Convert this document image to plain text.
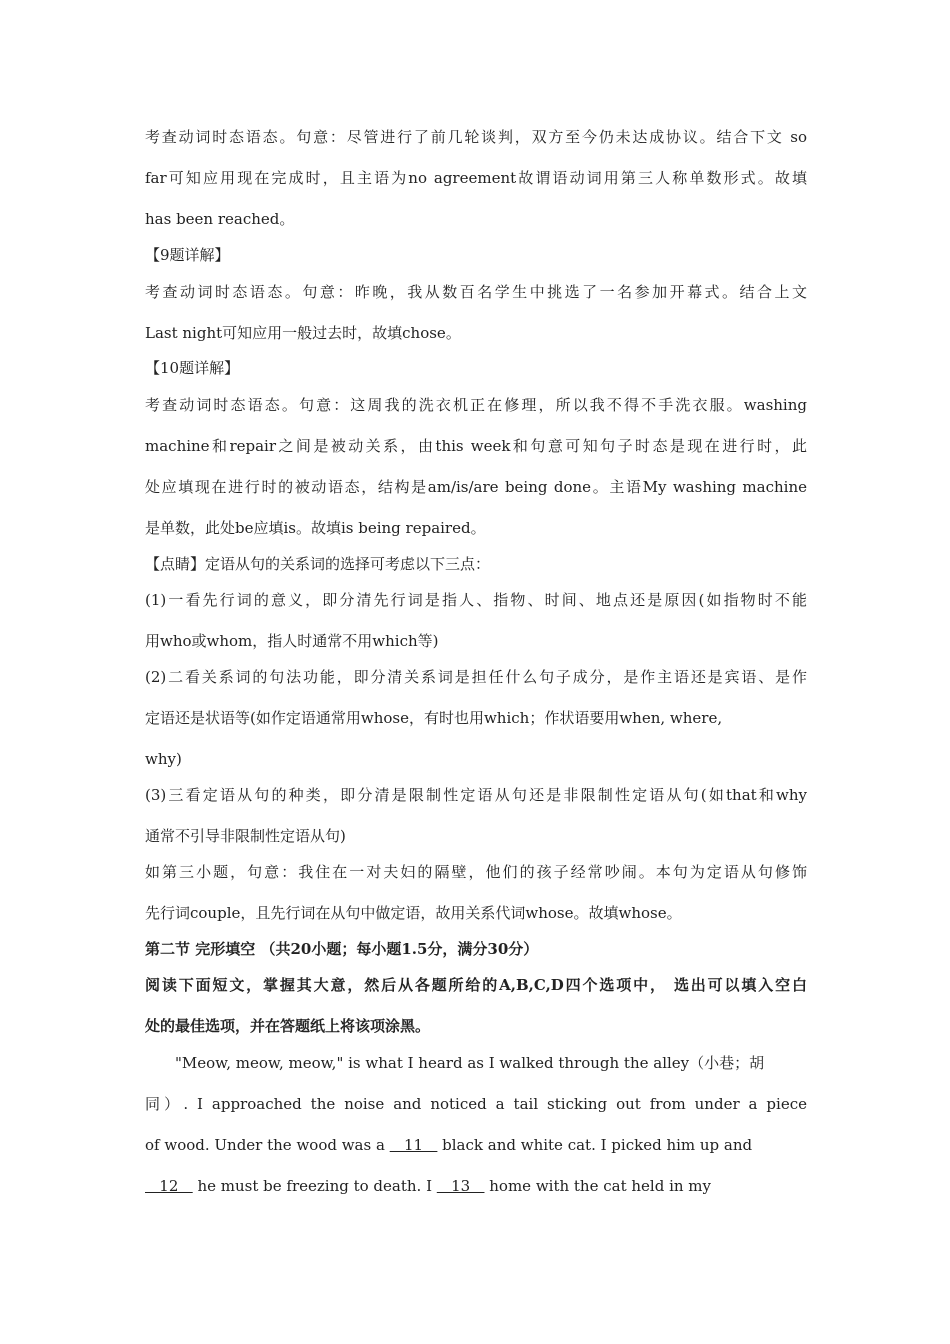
考查动词时态语态。句意：尽管进行了前几轮谈判，双方至今仍未达成协议。结合下文 so
far可知应用现在完成时，且主语为no agreement故谓语动词用第三人称单数形式。故填
has been reached。
【9题详解】
考查动词时态语态。句意：昨晚，我从数百名学生中挑选了一名参加开幕式。结合上文
Last night可知应用一般过去时，故填chose。
【10题详解】
考查动词时态语态。句意：这周我的洗衣机正在修理，所以我不得不手洗衣服。washing
machine和repair之间是被动关系，由this week和句意可知句子时态是现在进行时，此
处应填现在进行时的被动语态，结构是am/is/are being done。主语My washing machine
是单数，此处be应填is。故填is being repaired。
【点睛】定语从句的关系词的选择可考虑以下三点：
(1)一看先行词的意义，即分清先行词是指人、指物、时间、地点还是原因(如指物时不能
用who或whom，指人时通常不用which等)
(2)二看关系词的句法功能，即分清关系词是担任什么句子成分，是作主语还是宾语、是作
定语还是状语等(如作定语通常用whose，有时也用which；作状语要用when, where,
why)
(3)三看定语从句的种类，即分清是限制性定语从句还是非限制性定语从句(如that和why
通常不引导非限制性定语从句)
如第三小题，句意：我住在一对夫妇的隔壁，他们的孩子经常吵闹。本句为定语从句修饰
先行词couple，且先行词在从句中做定语，故用关系代词whose。故填whose。
第二节 完形填空 （共20小题；每小题1.5分，满分30分）
阅读下面短文，掌握其大意，然后从各题所给的A,B,C,D四个选项中， 选出可以填入空白
处的最佳选项，并在答题纸上将该项涂黑。
"Meow, meow, meow," is what I heard as I walked through the alley（小巷；胡
同）. I approached the noise and noticed a tail sticking out from under a piece
of wood. Under the wood was a    11    black and white cat. I picked him up and
12    he must be freezing to death. I    13    home with the cat held in my
